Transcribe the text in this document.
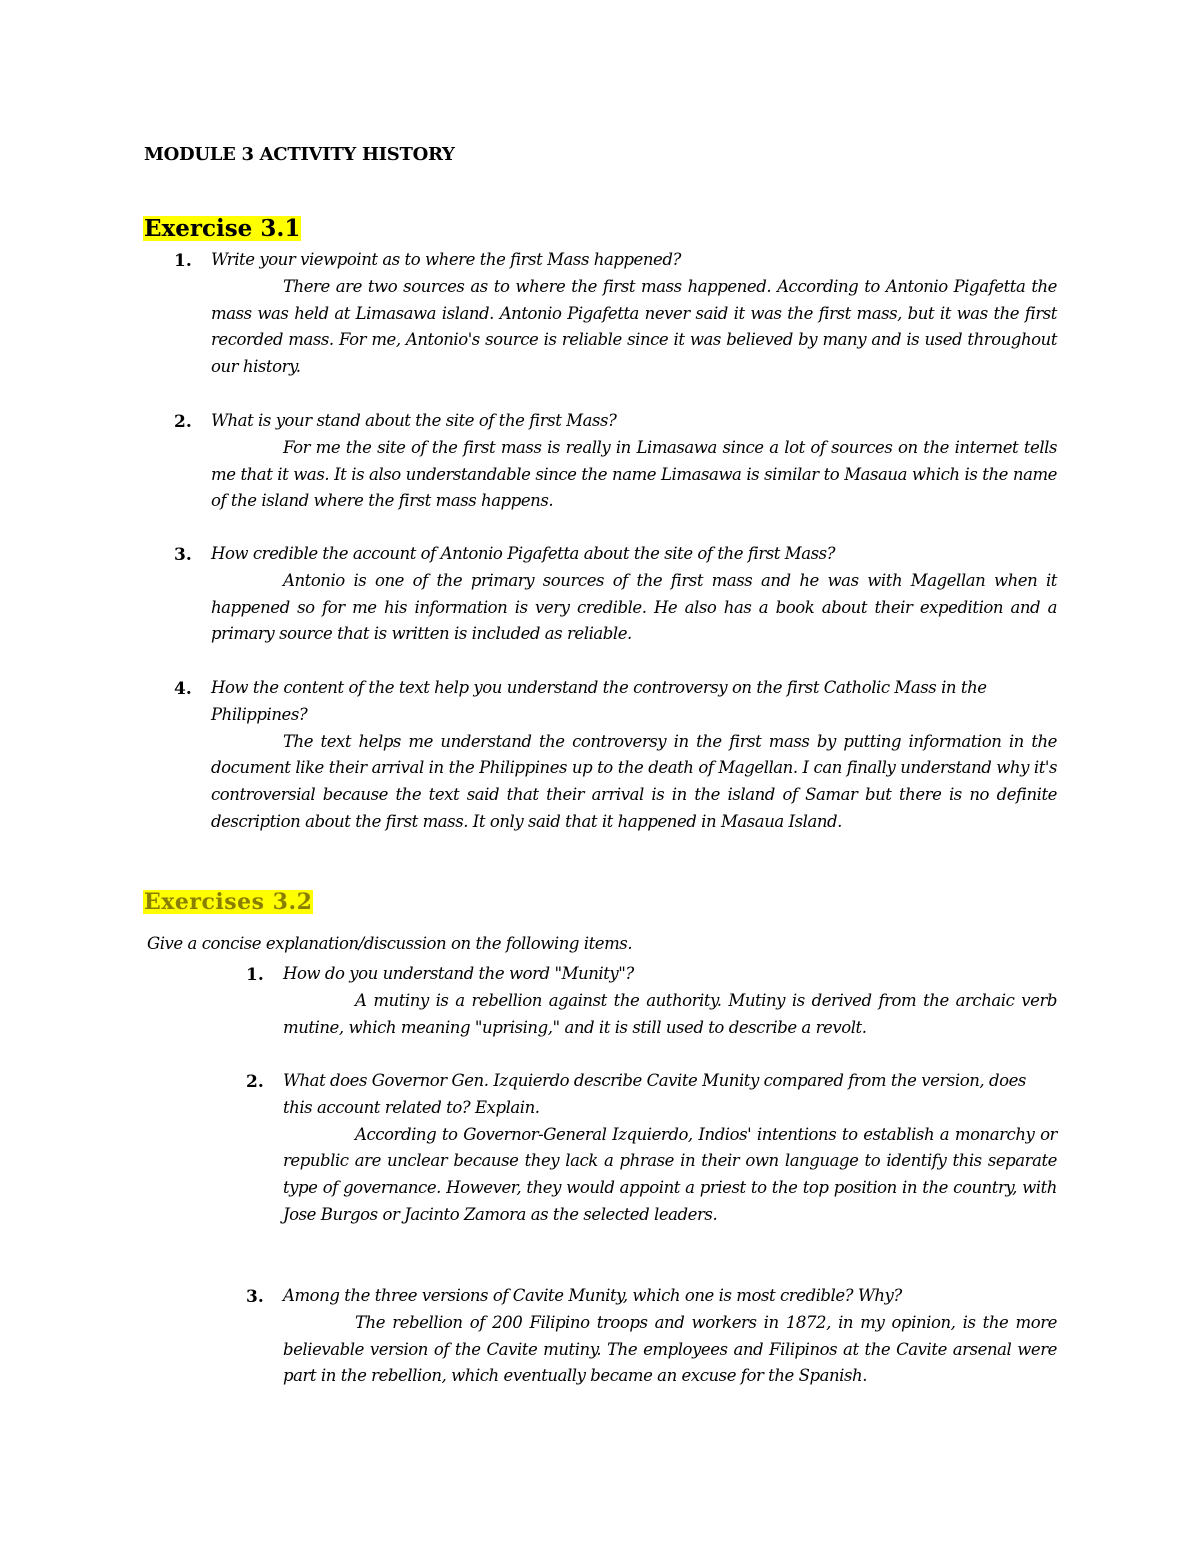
MODULE 3 ACTIVITY HISTORY
Exercise 3.1
1. Write your viewpoint as to where the first Mass happened?
There are two sources as to where the first mass happened. According to Antonio Pigafetta the mass was held at Limasawa island. Antonio Pigafetta never said it was the first mass, but it was the first recorded mass. For me, Antonio's source is reliable since it was believed by many and is used throughout our history.
2. What is your stand about the site of the first Mass?
For me the site of the first mass is really in Limasawa since a lot of sources on the internet tells me that it was. It is also understandable since the name Limasawa is similar to Masaua which is the name of the island where the first mass happens.
3. How credible the account of Antonio Pigafetta about the site of the first Mass?
Antonio is one of the primary sources of the first mass and he was with Magellan when it happened so for me his information is very credible. He also has a book about their expedition and a primary source that is written is included as reliable.
4. How the content of the text help you understand the controversy on the first Catholic Mass in the Philippines?
The text helps me understand the controversy in the first mass by putting information in the document like their arrival in the Philippines up to the death of Magellan. I can finally understand why it's controversial because the text said that their arrival is in the island of Samar but there is no definite description about the first mass. It only said that it happened in Masaua Island.
Exercises 3.2
Give a concise explanation/discussion on the following items.
1. How do you understand the word "Munity"?
A mutiny is a rebellion against the authority. Mutiny is derived from the archaic verb mutine, which meaning "uprising," and it is still used to describe a revolt.
2. What does Governor Gen. Izquierdo describe Cavite Munity compared from the version, does this account related to? Explain.
According to Governor-General Izquierdo, Indios' intentions to establish a monarchy or republic are unclear because they lack a phrase in their own language to identify this separate type of governance. However, they would appoint a priest to the top position in the country, with Jose Burgos or Jacinto Zamora as the selected leaders.
3. Among the three versions of Cavite Munity, which one is most credible? Why?
The rebellion of 200 Filipino troops and workers in 1872, in my opinion, is the more believable version of the Cavite mutiny. The employees and Filipinos at the Cavite arsenal were part in the rebellion, which eventually became an excuse for the Spanish.
